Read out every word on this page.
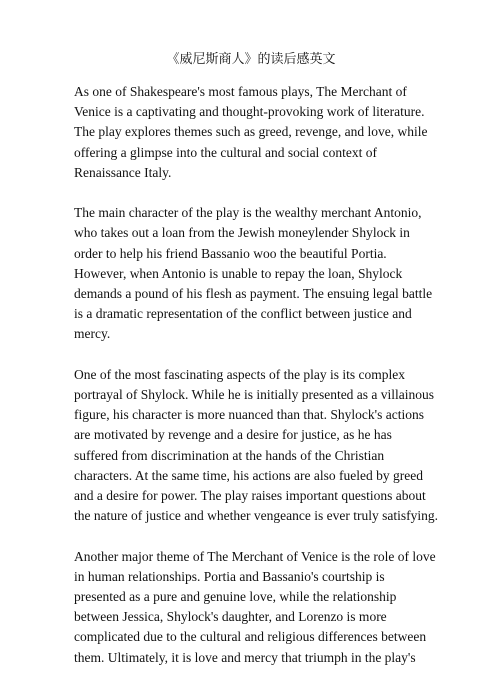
《威尼斯商人》的读后感英文

As one of Shakespeare's most famous plays, The Merchant of
Venice is a captivating and thought-provoking work of literature.
The play explores themes such as greed, revenge, and love, while
offering a glimpse into the cultural and social context of
Renaissance Italy.

The main character of the play is the wealthy merchant Antonio,
who takes out a loan from the Jewish moneylender Shylock in
order to help his friend Bassanio woo the beautiful Portia.
However, when Antonio is unable to repay the loan, Shylock
demands a pound of his flesh as payment. The ensuing legal battle
is a dramatic representation of the conflict between justice and
mercy.

One of the most fascinating aspects of the play is its complex
portrayal of Shylock. While he is initially presented as a villainous
figure, his character is more nuanced than that. Shylock's actions
are motivated by revenge and a desire for justice, as he has
suffered from discrimination at the hands of the Christian
characters. At the same time, his actions are also fueled by greed
and a desire for power. The play raises important questions about
the nature of justice and whether vengeance is ever truly satisfying.

Another major theme of The Merchant of Venice is the role of love
in human relationships. Portia and Bassanio's courtship is
presented as a pure and genuine love, while the relationship
between Jessica, Shylock's daughter, and Lorenzo is more
complicated due to the cultural and religious differences between
them. Ultimately, it is love and mercy that triumph in the play's
